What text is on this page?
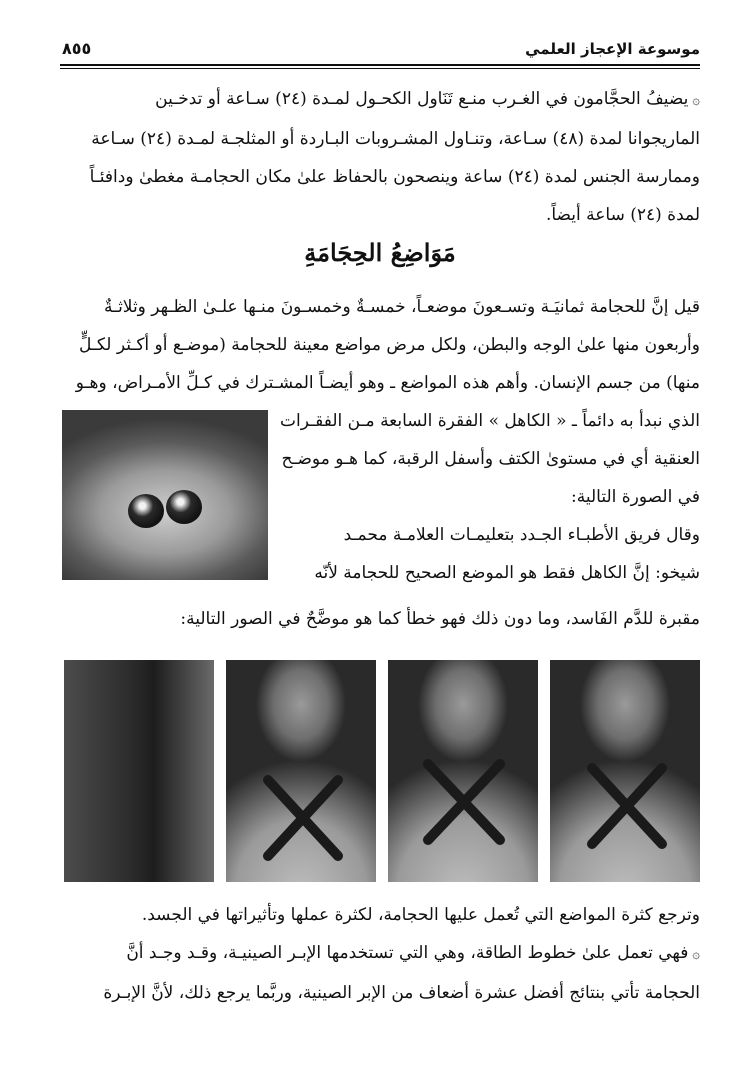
موسوعة الإعجاز العلمي
٨٥٥
۞يضيفُ الحجَّامون في الغـرب منـع تَنَاول الكحـول لمـدة (٢٤) سـاعة أو تدخـين
الماريجوانا لمدة (٤٨) سـاعة، وتنـاول المشـروبات البـاردة أو المثلجـة لمـدة (٢٤) سـاعة
وممارسة الجنس لمدة (٢٤) ساعة وينصحون بالحفاظ علىٰ مكان الحجامـة مغطىٰ ودافئـاً
لمدة (٢٤) ساعة أيضاً.
مَوَاضِعُ الحِجَامَةِ
قيل إنَّ للحجامة ثمانيَـة وتسـعونَ موضعـاً، خمسـةٌ وخمسـونَ منـها علـىٰ الظـهر وثلاثـةٌ
وأربعون منها علىٰ الوجه والبطن، ولكل مرض مواضع معينة للحجامة (موضـع أو أكـثر لكـلٍّ
منها) من جسم الإنسان. وأهم هذه المواضع ـ وهو أيضـاً المشـترك في كـلِّ الأمـراض، وهـو
الذي نبدأ به دائماً ـ « الكاهل » الفقرة السابعة مـن الفقـرات
العنقية أي في مستوىٰ الكتف وأسفل الرقبة، كما هـو موضـح
في الصورة التالية:
وقال فريق الأطبـاء الجـدد بتعليمـات العلامـة محمـد
شيخو: إنَّ الكاهل فقط هو الموضع الصحيح للحجامة لأنّه
مقبرة للدَّم الفَاسد، وما دون ذلك فهو خطأ كما هو موضَّحٌ في الصور التالية:
وترجع كثرة المواضع التي تُعمل عليها الحجامة، لكثرة عملها وتأثيراتها في الجسد.
۞فهي تعمل علىٰ خطوط الطاقة، وهي التي تستخدمها الإبـر الصينيـة، وقـد وجـد أنَّ
الحجامة تأتي بنتائج أفضل عشرة أضعاف من الإبر الصينية، وربَّما يرجع ذلك، لأنَّ الإبـرة
